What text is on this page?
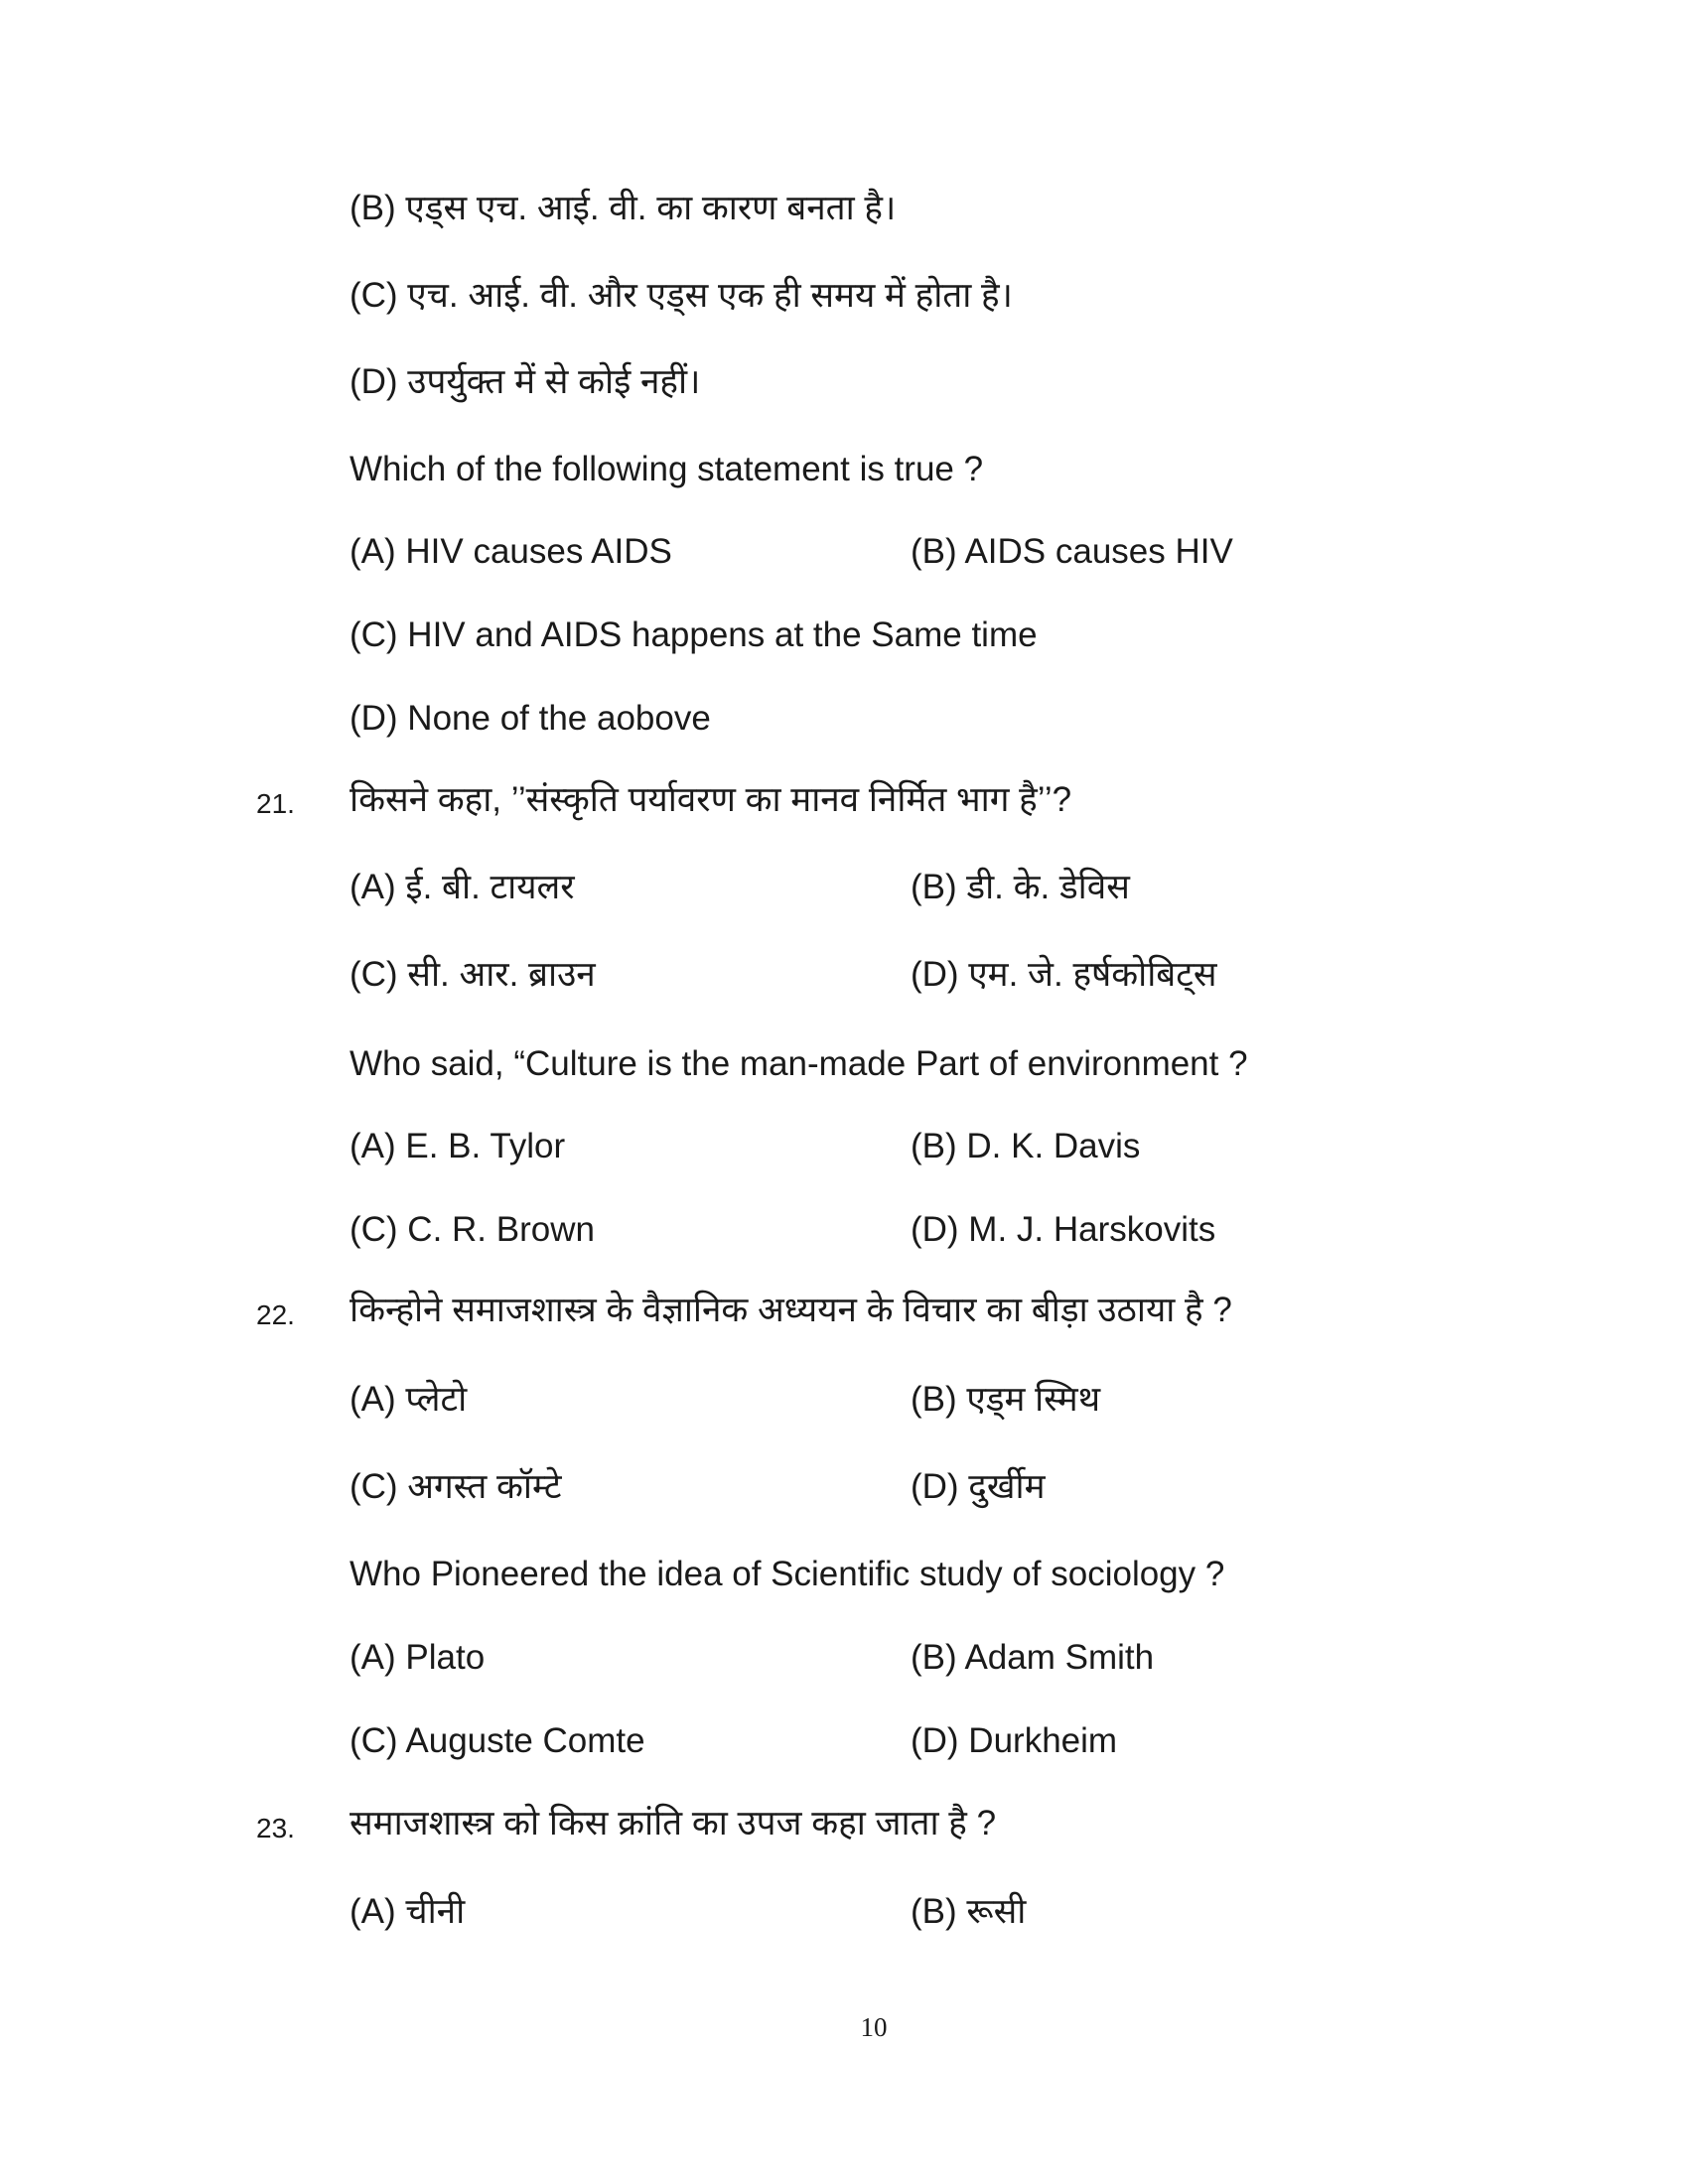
(B) एड्स एच. आई. वी. का कारण बनता है।
(C) एच. आई. वी. और एड्स एक ही समय में होता है।
(D) उपर्युक्त में से कोई नहीं।
Which of the following statement is true ?
(A) HIV causes AIDS	(B) AIDS causes HIV
(C) HIV and AIDS happens at the Same time
(D) None of the aobove
21. किसने कहा, ’’संस्कृति पर्यावरण का मानव निर्मित भाग है’’?
(A) ई. बी. टायलर	(B) डी. के. डेविस
(C) सी. आर. ब्राउन	(D) एम. जे. हर्षकोबिट्स
Who said, “Culture is the man-made Part of environment ?
(A) E. B. Tylor	(B) D. K. Davis
(C) C. R. Brown	(D) M. J. Harskovits
22. किन्होने समाजशास्त्र के वैज्ञानिक अध्ययन के विचार का बीड़ा उठाया है ?
(A) प्लेटो	(B) एड्म स्मिथ
(C) अगस्त कॉम्टे	(D) दुर्खीम
Who Pioneered the idea of Scientific study of sociology ?
(A) Plato	(B) Adam Smith
(C) Auguste Comte	(D) Durkheim
23. समाजशास्त्र को किस क्रांति का उपज कहा जाता है ?
(A) चीनी	(B) रूसी
10
